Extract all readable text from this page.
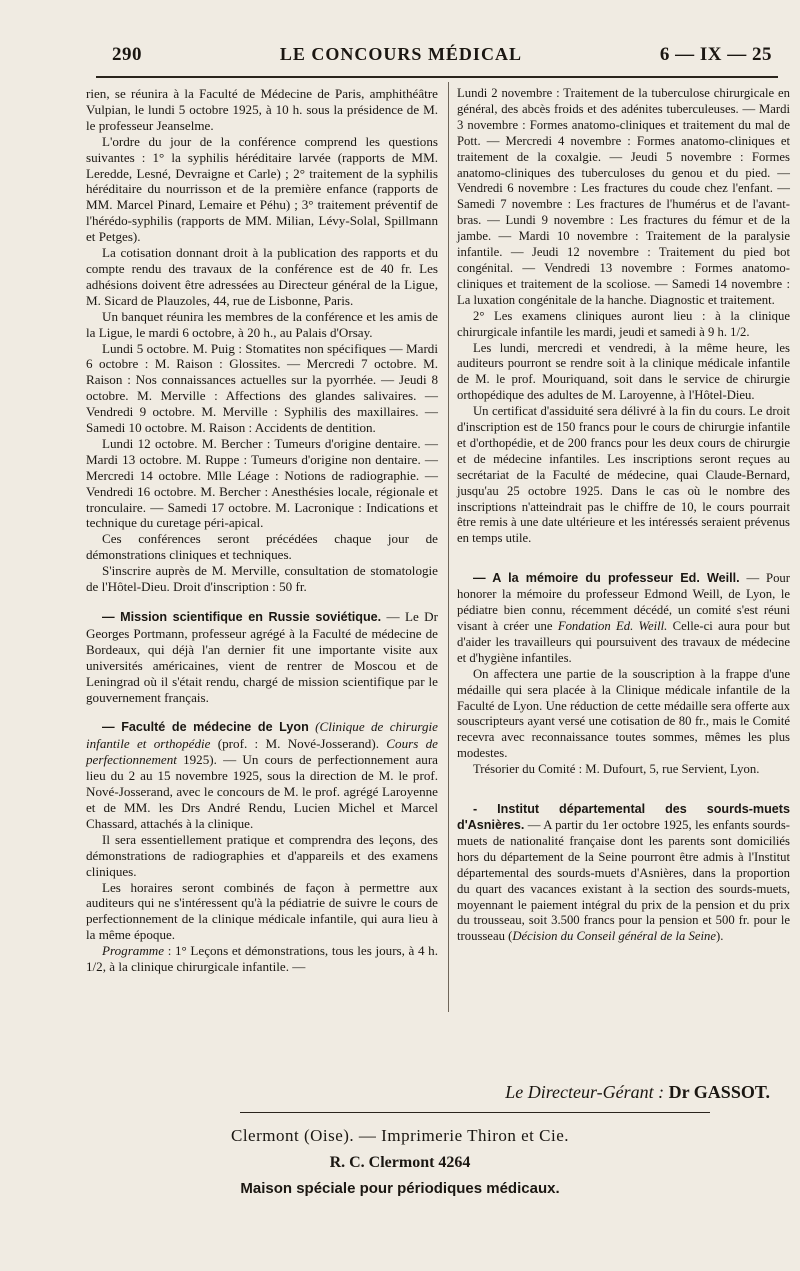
290	LE CONCOURS MÉDICAL	6 — IX — 25

rien, se réunira à la Faculté de Médecine de Paris, amphithéâtre Vulpian, le lundi 5 octobre 1925, à 10 h. sous la présidence de M. le professeur Jeanselme.

L'ordre du jour de la conférence comprend les questions suivantes : 1° la syphilis héréditaire larvée (rapports de MM. Leredde, Lesné, Devraigne et Carle) ; 2° traitement de la syphilis héréditaire du nourrisson et de la première enfance (rapports de MM. Marcel Pinard, Lemaire et Péhu) ; 3° traitement préventif de l'hérédo-syphilis (rapports de MM. Milian, Lévy-Solal, Spillmann et Petges).

La cotisation donnant droit à la publication des rapports et du compte rendu des travaux de la conférence est de 40 fr. Les adhésions doivent être adressées au Directeur général de la Ligue, M. Sicard de Plauzoles, 44, rue de Lisbonne, Paris.

Un banquet réunira les membres de la conférence et les amis de la Ligue, le mardi 6 octobre, à 20 h., au Palais d'Orsay.

Lundi 5 octobre. M. Puig : Stomatites non spécifiques — Mardi 6 octobre : M. Raison : Glossites. — Mercredi 7 octobre. M. Raison : Nos connaissances actuelles sur la pyorrhée. — Jeudi 8 octobre. M. Merville : Affections des glandes salivaires. — Vendredi 9 octobre. M. Merville : Syphilis des maxillaires. — Samedi 10 octobre. M. Raison : Accidents de dentition.

Lundi 12 octobre. M. Bercher : Tumeurs d'origine dentaire. — Mardi 13 octobre. M. Ruppe : Tumeurs d'origine non dentaire. — Mercredi 14 octobre. Mlle Léage : Notions de radiographie. — Vendredi 16 octobre. M. Bercher : Anesthésies locale, régionale et tronculaire. — Samedi 17 octobre. M. Lacronique : Indications et technique du curetage péri-apical.

Ces conférences seront précédées chaque jour de démonstrations cliniques et techniques.

S'inscrire auprès de M. Merville, consultation de stomatologie de l'Hôtel-Dieu. Droit d'inscription : 50 fr.

— Mission scientifique en Russie soviétique. — Le Dr Georges Portmann, professeur agrégé à la Faculté de médecine de Bordeaux, qui déjà l'an dernier fit une importante visite aux universités américaines, vient de rentrer de Moscou et de Leningrad où il s'était rendu, chargé de mission scientifique par le gouvernement français.

— Faculté de médecine de Lyon (Clinique de chirurgie infantile et orthopédie (prof. : M. Nové-Josserand). Cours de perfectionnement 1925). — Un cours de perfectionnement aura lieu du 2 au 15 novembre 1925, sous la direction de M. le prof. Nové-Josserand, avec le concours de M. le prof. agrégé Laroyenne et de MM. les Drs André Rendu, Lucien Michel et Marcel Chassard, attachés à la clinique.

Il sera essentiellement pratique et comprendra des leçons, des démonstrations de radiographies et d'appareils et des examens cliniques.

Les horaires seront combinés de façon à permettre aux auditeurs qui ne s'intéressent qu'à la pédiatrie de suivre le cours de perfectionnement de la clinique médicale infantile, qui aura lieu à la même époque.

Programme : 1° Leçons et démonstrations, tous les jours, à 4 h. 1/2, à la clinique chirurgicale infantile. —

Lundi 2 novembre : Traitement de la tuberculose chirurgicale en général, des abcès froids et des adénites tuberculeuses. — Mardi 3 novembre : Formes anatomo-cliniques et traitement du mal de Pott. — Mercredi 4 novembre : Formes anatomo-cliniques et traitement de la coxalgie. — Jeudi 5 novembre : Formes anatomo-cliniques des tuberculoses du genou et du pied. — Vendredi 6 novembre : Les fractures du coude chez l'enfant. — Samedi 7 novembre : Les fractures de l'humérus et de l'avant-bras. — Lundi 9 novembre : Les fractures du fémur et de la jambe. — Mardi 10 novembre : Traitement de la paralysie infantile. — Jeudi 12 novembre : Traitement du pied bot congénital. — Vendredi 13 novembre : Formes anatomo-cliniques et traitement de la scoliose. — Samedi 14 novembre : La luxation congénitale de la hanche. Diagnostic et traitement.

2° Les examens cliniques auront lieu : à la clinique chirurgicale infantile les mardi, jeudi et samedi à 9 h. 1/2.

Les lundi, mercredi et vendredi, à la même heure, les auditeurs pourront se rendre soit à la clinique médicale infantile de M. le prof. Mouriquand, soit dans le service de chirurgie orthopédique des adultes de M. Laroyenne, à l'Hôtel-Dieu.

Un certificat d'assiduité sera délivré à la fin du cours. Le droit d'inscription est de 150 francs pour le cours de chirurgie infantile et d'orthopédie, et de 200 francs pour les deux cours de chirurgie et de médecine infantiles. Les inscriptions seront reçues au secrétariat de la Faculté de médecine, quai Claude-Bernard, jusqu'au 25 octobre 1925. Dans le cas où le nombre des inscriptions n'atteindrait pas le chiffre de 10, le cours pourrait être remis à une date ultérieure et les intéressés seraient prévenus en temps utile.

— A la mémoire du professeur Ed. Weill. — Pour honorer la mémoire du professeur Edmond Weill, de Lyon, le pédiatre bien connu, récemment décédé, un comité s'est réuni visant à créer une Fondation Ed. Weill. Celle-ci aura pour but d'aider les travailleurs qui poursuivent des travaux de médecine et d'hygiène infantiles.

On affectera une partie de la souscription à la frappe d'une médaille qui sera placée à la Clinique médicale infantile de la Faculté de Lyon. Une réduction de cette médaille sera offerte aux souscripteurs ayant versé une cotisation de 80 fr., mais le Comité recevra avec reconnaissance toutes sommes, mêmes les plus modestes.

Trésorier du Comité : M. Dufourt, 5, rue Servient, Lyon.

- Institut départemental des sourds-muets d'Asnières. — A partir du 1er octobre 1925, les enfants sourds-muets de nationalité française dont les parents sont domiciliés hors du département de la Seine pourront être admis à l'Institut départemental des sourds-muets d'Asnières, dans la proportion du quart des vacances existant à la section des sourds-muets, moyennant le paiement intégral du prix de la pension et du prix du trousseau, soit 3.500 francs pour la pension et 500 fr. pour le trousseau (Décision du Conseil général de la Seine).

Le Directeur-Gérant : Dr GASSOT.
Clermont (Oise). — Imprimerie Thiron et Cie.
R. C. Clermont 4264
Maison spéciale pour périodiques médicaux.
